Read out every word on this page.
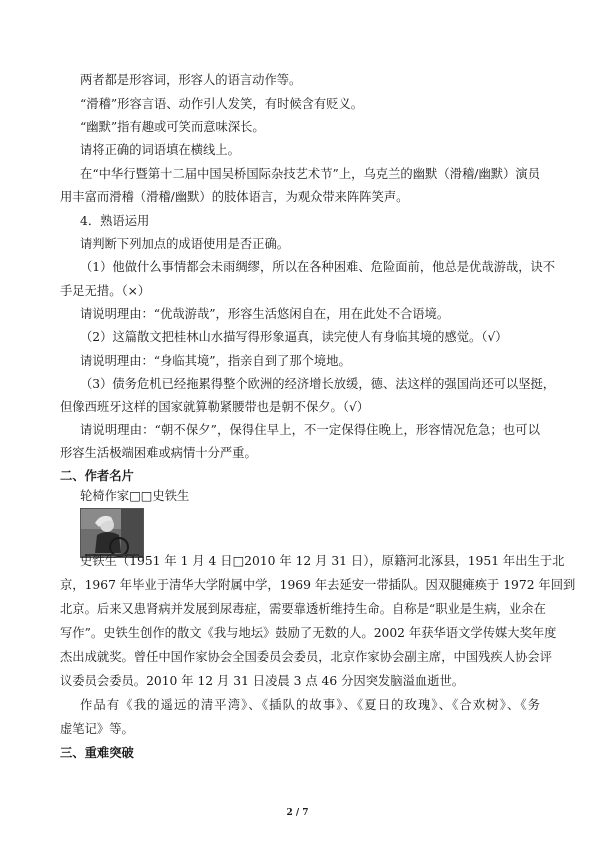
两者都是形容词，形容人的语言动作等。
“滑稽”形容言语、动作引人发笑，有时候含有贬义。
“幽默”指有趣或可笑而意味深长。
请将正确的词语填在横线上。
在“中华行暨第十二届中国吴桥国际杂技艺术节”上，乌克兰的幽默（滑稽/幽默）演员
用丰富而滑稽（滑稽/幽默）的肢体语言，为观众带来阵阵笑声。
4．熟语运用
请判断下列加点的成语使用是否正确。
（1）他做什么事情都会未雨绸缪，所以在各种困难、危险面前，他总是优哉游哉，诀不
手足无措。（×）
请说明理由：“优哉游哉”，形容生活悠闲自在，用在此处不合语境。
（2）这篇散文把桂林山水描写得形象逼真，读完使人有身临其境的感觉。（√）
请说明理由：“身临其境”，指亲自到了那个境地。
（3）债务危机已经拖累得整个欧洲的经济增长放缓，德、法这样的强国尚还可以坚挺，
但像西班牙这样的国家就算勒紧腰带也是朝不保夕。（√）
请说明理由：“朝不保夕”，保得住早上，不一定保得住晚上，形容情况危急；也可以
形容生活极端困难或病情十分严重。
二、作者名片
轮椅作家□□史铁生
史铁生（1951 年 1 月 4 日□2010 年 12 月 31 日），原籍河北涿县，1951 年出生于北
京，1967 年毕业于清华大学附属中学，1969 年去延安一带插队。因双腿瘫痪于 1972 年回到
北京。后来又患肾病并发展到尿毒症，需要靠透析维持生命。自称是“职业是生病，业余在
写作”。史铁生创作的散文《我与地坛》鼓励了无数的人。2002 年获华语文学传媒大奖年度
杰出成就奖。曾任中国作家协会全国委员会委员，北京作家协会副主席，中国残疾人协会评
议委员会委员。2010 年 12 月 31 日凌晨 3 点 46 分因突发脑溢血逝世。
作品有《我的遥远的清平湾》、《插队的故事》、《夏日的玫瑰》、《合欢树》、《务
虚笔记》等。
三、重难突破
2 / 7
